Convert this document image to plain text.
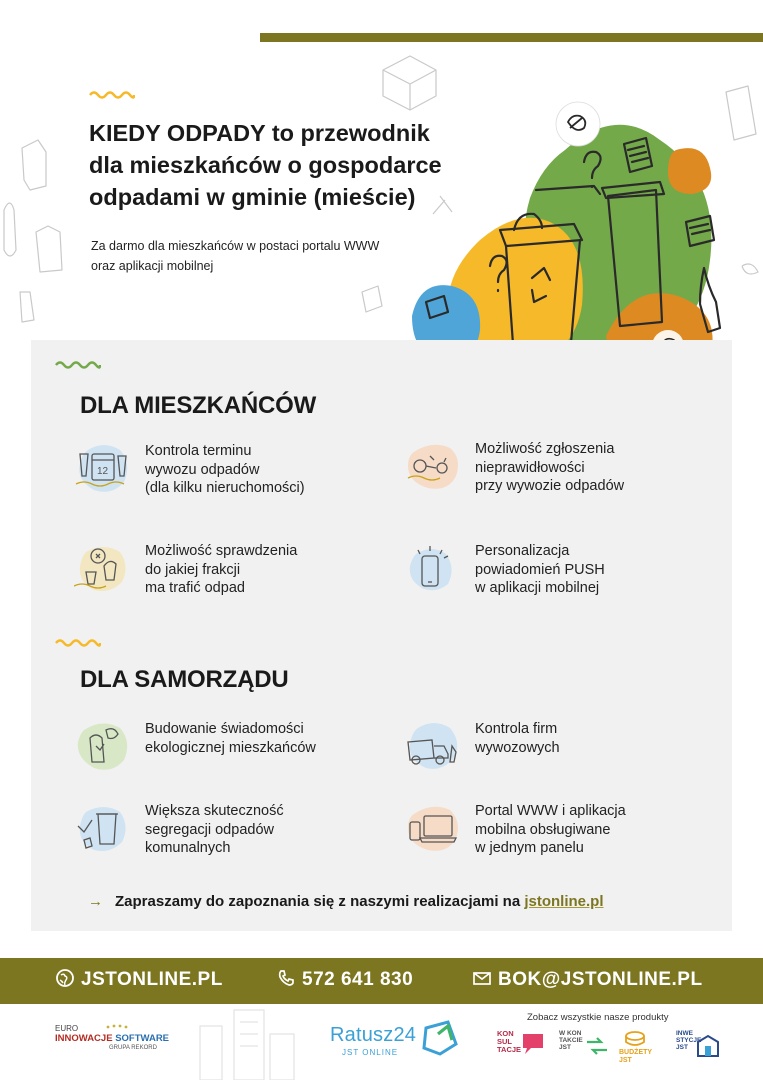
KIEDY ODPADY to przewodnik
dla mieszkańców o gospodarce
odpadami w gminie (mieście)
Za darmo dla mieszkańców w postaci portalu WWW
oraz aplikacji mobilnej
DLA MIESZKAŃCÓW
12
Kontrola terminu
wywozu odpadów
(dla kilku nieruchomości)
Możliwość zgłoszenia
nieprawidłowości
przy wywozie odpadów
Możliwość sprawdzenia
do jakiej frakcji
ma trafić odpad
Personalizacja
powiadomień PUSH
w aplikacji mobilnej
DLA SAMORZĄDU
Budowanie świadomości
ekologicznej mieszkańców
Kontrola firm
wywozowych
Większa skuteczność
segregacji odpadów
komunalnych
Portal WWW i aplikacja
mobilna obsługiwane
w jednym panelu
→ Zapraszamy do zapoznania się z naszymi realizacjami na jstonline.pl
JSTONLINE.PL	572 641 830	BOK@JSTONLINE.PL
EURO
INNOWACJE SOFTWARE
GRUPA REKORD
Ratusz24
JST ONLINE
Zobacz wszystkie nasze produkty
KON SUL TACJE
W KON TAKCIE JST
BUDŻETY JST
INWE STYCJE JST
